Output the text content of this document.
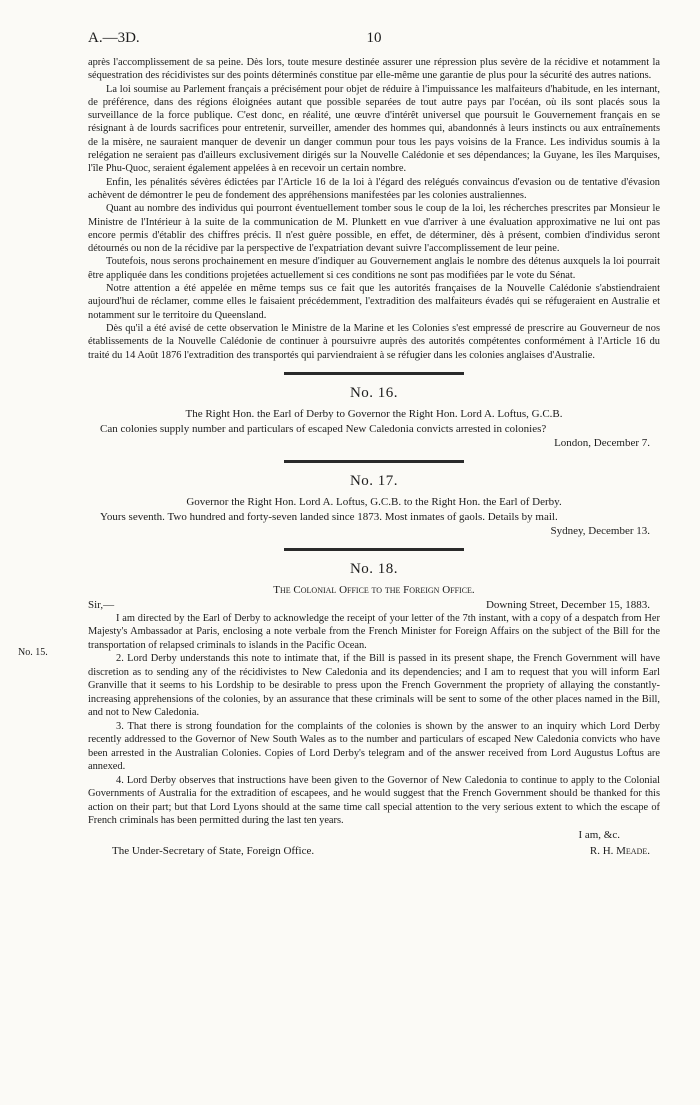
A.—3D.	10

après l'accomplissement de sa peine. Dès lors, toute mesure destinée assurer une répression plus sevère de la récidive et notamment la séquestration des récidivistes sur des points déterminés constitue par elle-même une garantie de plus pour la sécurité des autres nations.

La loi soumise au Parlement français a précisément pour objet de réduire à l'impuissance les malfaiteurs d'habitude, en les internant, de préférence, dans des régions éloignées autant que possible separées de tout autre pays par l'océan, où ils sont placés sous la surveillance de la force publique. C'est donc, en réalité, une œuvre d'intérêt universel que poursuit le Gouvernement français en se résignant à de lourds sacrifices pour entretenir, surveiller, amender des hommes qui, abandonnés à leurs instincts ou aux entraînements de la misère, ne sauraient manquer de devenir un danger commun pour tous les pays voisins de la France. Les individus soumis à la relégation ne seraient pas d'ailleurs exclusivement dirigés sur la Nouvelle Calédonie et ses dépendances; la Guyane, les îles Marquises, l'île Phu-Quoc, seraient également appelées à en recevoir un certain nombre.

Enfin, les pénalités sévères édictées par l'Article 16 de la loi à l'égard des relégués convaincus d'evasion ou de tentative d'évasion achèvent de démontrer le peu de fondement des appréhensions manifestées par les colonies australiennes.

Quant au nombre des individus qui pourront éventuellement tomber sous le coup de la loi, les récherches prescrites par Monsieur le Ministre de l'Intérieur à la suite de la communication de M. Plunkett en vue d'arriver à une évaluation approximative ne lui ont pas encore permis d'établir des chiffres précis. Il n'est guère possible, en effet, de déterminer, dès à présent, combien d'individus seront détournés ou non de la récidive par la perspective de l'expatriation devant suivre l'accomplissement de leur peine.

Toutefois, nous serons prochainement en mesure d'indiquer au Gouvernement anglais le nombre des détenus auxquels la loi pourrait être appliquée dans les conditions projetées actuellement si ces conditions ne sont pas modifiées par le vote du Sénat.

Notre attention a été appelée en même temps sus ce fait que les autorités françaises de la Nouvelle Calédonie s'abstiendraient aujourd'hui de réclamer, comme elles le faisaient précédemment, l'extradition des malfaiteurs évadés qui se réfugeraient en Australie et notamment sur le territoire du Queensland.

Dès qu'il a été avisé de cette observation le Ministre de la Marine et les Colonies s'est empressé de prescrire au Gouverneur de nos établissements de la Nouvelle Calédonie de continuer à poursuivre auprès des autorités compétentes conformément à l'Article 16 du traité du 14 Août 1876 l'extradition des transportés qui parviendraient à se réfugier dans les colonies anglaises d'Australie.

No. 16.

The Right Hon. the Earl of Derby to Governor the Right Hon. Lord A. Loftus, G.C.B.

Can colonies supply number and particulars of escaped New Caledonia convicts arrested in colonies?

London, December 7.

No. 17.

Governor the Right Hon. Lord A. Loftus, G.C.B. to the Right Hon. the Earl of Derby.

Yours seventh. Two hundred and forty-seven landed since 1873. Most inmates of gaols. Details by mail.

Sydney, December 13.

No. 18.

The Colonial Office to the Foreign Office.

Sir,—	Downing Street, December 15, 1883.
No. 15.

I am directed by the Earl of Derby to acknowledge the receipt of your letter of the 7th instant, with a copy of a despatch from Her Majesty's Ambassador at Paris, enclosing a note verbale from the French Minister for Foreign Affairs on the subject of the Bill for the transportation of relapsed criminals to islands in the Pacific Ocean.

2. Lord Derby understands this note to intimate that, if the Bill is passed in its present shape, the French Government will have discretion as to sending any of the récidivistes to New Caledonia and its dependencies; and I am to request that you will inform Earl Granville that it seems to his Lordship to be desirable to press upon the French Government the propriety of allaying the constantly-increasing apprehensions of the colonies, by an assurance that these criminals will be sent to some of the other places named in the Bill, and not to New Caledonia.

3. That there is strong foundation for the complaints of the colonies is shown by the answer to an inquiry which Lord Derby recently addressed to the Governor of New South Wales as to the number and particulars of escaped New Caledonia convicts who have been arrested in the Australian Colonies. Copies of Lord Derby's telegram and of the answer received from Lord Augustus Loftus are annexed.

4. Lord Derby observes that instructions have been given to the Governor of New Caledonia to continue to apply to the Colonial Governments of Australia for the extradition of escapees, and he would suggest that the French Government should be thanked for this action on their part; but that Lord Lyons should at the same time call special attention to the very serious extent to which the escape of French criminals has been permitted during the last ten years.

I am, &c.

The Under-Secretary of State, Foreign Office.	R. H. Meade.
